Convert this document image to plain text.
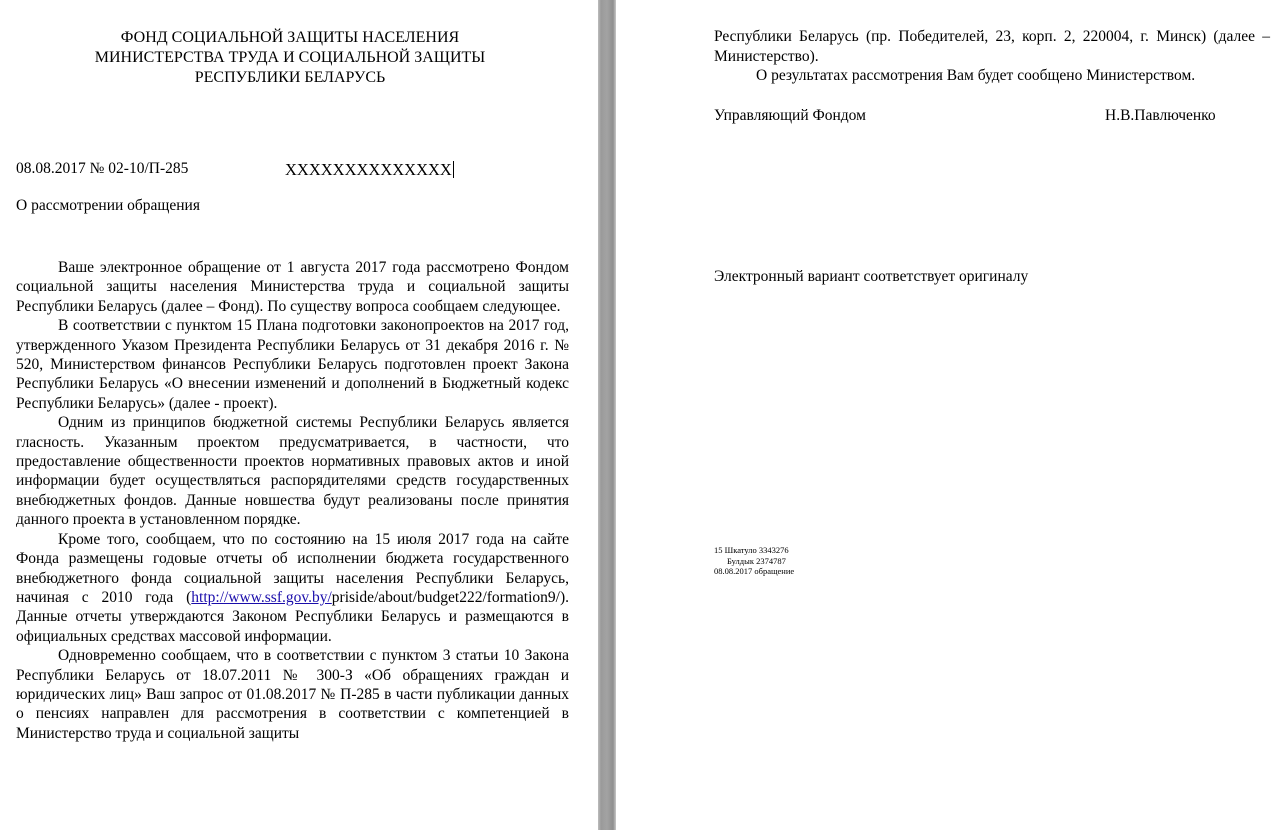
ФОНД СОЦИАЛЬНОЙ ЗАЩИТЫ НАСЕЛЕНИЯ
МИНИСТЕРСТВА ТРУДА И СОЦИАЛЬНОЙ ЗАЩИТЫ
РЕСПУБЛИКИ БЕЛАРУСЬ
08.08.2017 № 02-10/П-285	ХХХХХХХХХХХХХХ
О рассмотрении обращения

Ваше электронное обращение от 1 августа 2017 года рассмотрено Фондом социальной защиты населения Министерства труда и социальной защиты Республики Беларусь (далее – Фонд). По существу вопроса сообщаем следующее.

В соответствии с пунктом 15 Плана подготовки законопроектов на 2017 год, утвержденного Указом Президента Республики Беларусь от 31 декабря 2016 г. № 520, Министерством финансов Республики Беларусь подготовлен проект Закона Республики Беларусь «О внесении изменений и дополнений в Бюджетный кодекс Республики Беларусь» (далее - проект).

Одним из принципов бюджетной системы Республики Беларусь является гласность. Указанным проектом предусматривается, в частности, что предоставление общественности проектов нормативных правовых актов и иной информации будет осуществляться распорядителями средств государственных внебюджетных фондов. Данные новшества будут реализованы после принятия данного проекта в установленном порядке.

Кроме того, сообщаем, что по состоянию на 15 июля 2017 года на сайте Фонда размещены годовые отчеты об исполнении бюджета государственного внебюджетного фонда социальной защиты населения Республики Беларусь, начиная с 2010 года (http://www.ssf.gov.by/priside/about/budget222/formation9/). Данные отчеты утверждаются Законом Республики Беларусь и размещаются в официальных средствах массовой информации.

Одновременно сообщаем, что в соответствии с пунктом 3 статьи 10 Закона Республики Беларусь от 18.07.2011 № 300-З «Об обращениях граждан и юридических лиц» Ваш запрос от 01.08.2017 № П-285 в части публикации данных о пенсиях направлен для рассмотрения в соответствии с компетенцией в Министерство труда и социальной защиты

Республики Беларусь (пр. Победителей, 23, корп. 2, 220004, г. Минск) (далее – Министерство).

О результатах рассмотрения Вам будет сообщено Министерством.

Управляющий Фондом	Н.В.Павлюченко
Электронный вариант соответствует оригиналу
15 Шкатуло 3343276
Булдык 2374787
08.08.2017 обращение
